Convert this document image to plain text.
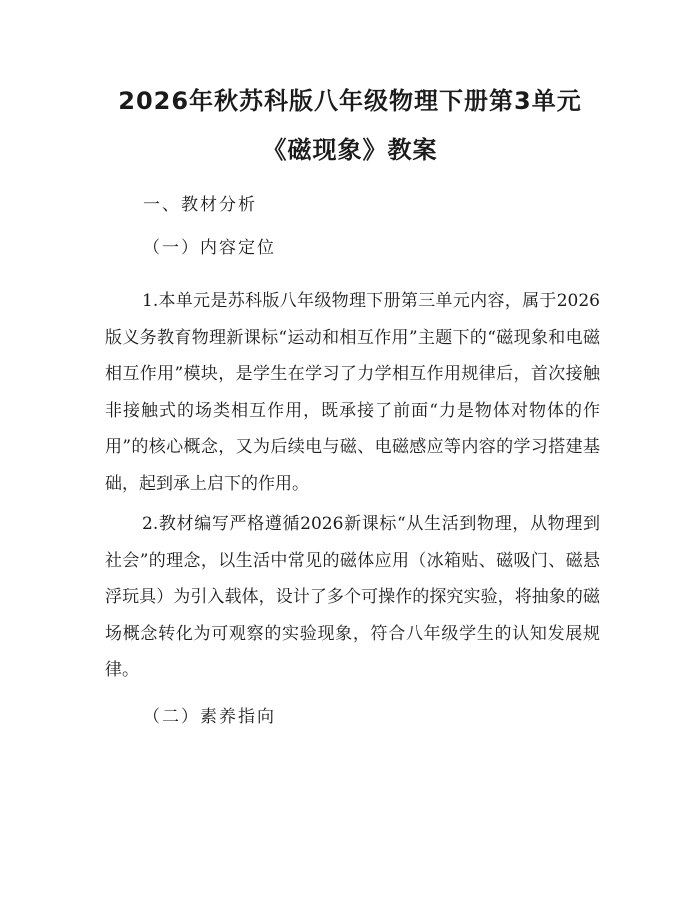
2026年秋苏科版八年级物理下册第3单元
《磁现象》教案

一、教材分析

（一）内容定位

1.本单元是苏科版八年级物理下册第三单元内容，属于2026版义务教育物理新课标“运动和相互作用”主题下的“磁现象和电磁相互作用”模块，是学生在学习了力学相互作用规律后，首次接触非接触式的场类相互作用，既承接了前面“力是物体对物体的作用”的核心概念，又为后续电与磁、电磁感应等内容的学习搭建基础，起到承上启下的作用。

2.教材编写严格遵循2026新课标“从生活到物理，从物理到社会”的理念，以生活中常见的磁体应用（冰箱贴、磁吸门、磁悬浮玩具）为引入载体，设计了多个可操作的探究实验，将抽象的磁场概念转化为可观察的实验现象，符合八年级学生的认知发展规律。

（二）素养指向
